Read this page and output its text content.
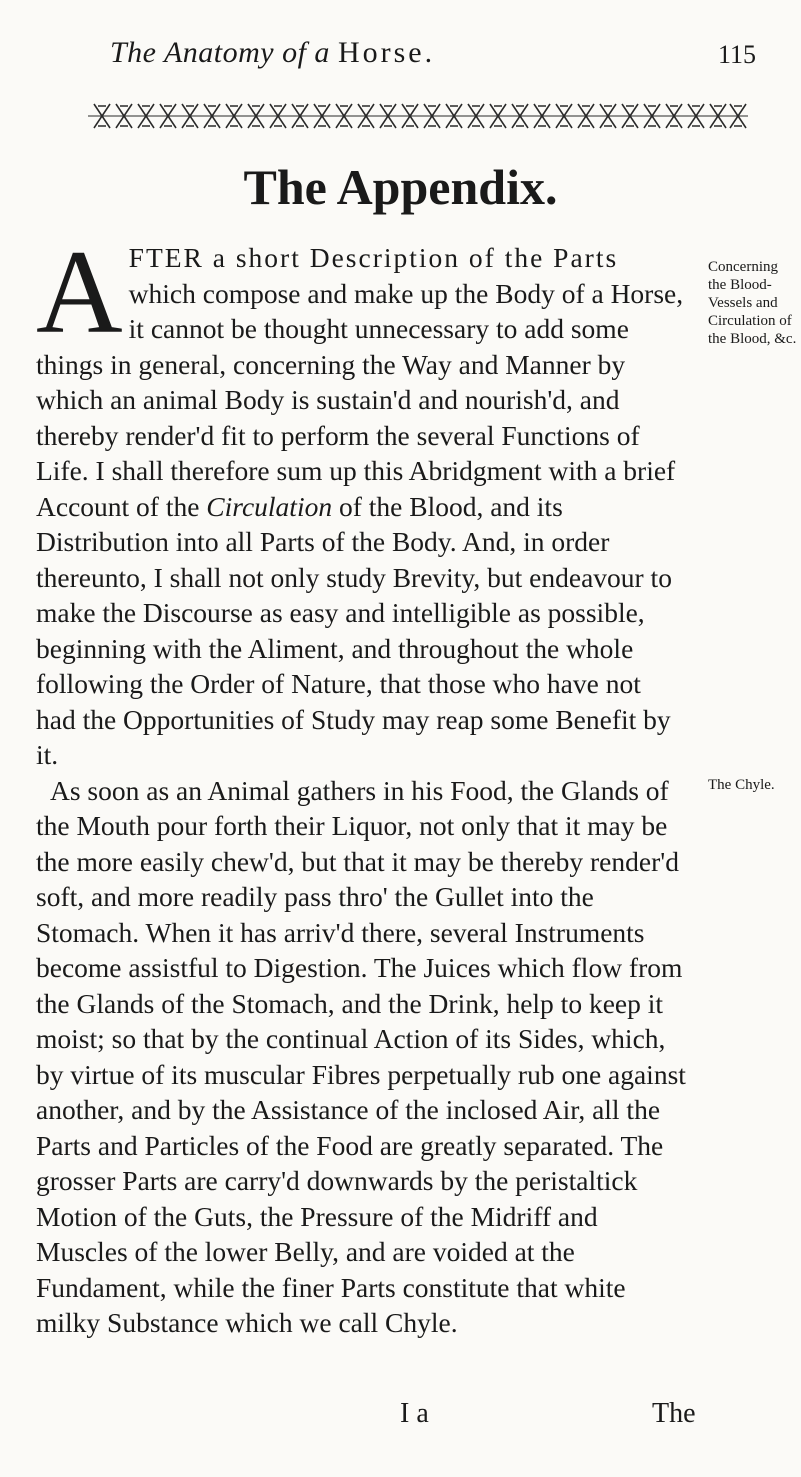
The Anatomy of a Horse.	115
The Appendix.
Concerning the Blood-Vessels and Circulation of the Blood, &c.
The Chyle.

A FTER a short Description of the Parts which compose and make up the Body of a Horse, it cannot be thought unnecessary to add some things in general, concerning the Way and Manner by which an animal Body is sustain'd and nourish'd, and thereby render'd fit to perform the several Functions of Life. I shall therefore sum up this Abridgment with a brief Account of the Circulation of the Blood, and its Distribution into all Parts of the Body. And, in order thereunto, I shall not only study Brevity, but endeavour to make the Discourse as easy and intelligible as possible, beginning with the Aliment, and throughout the whole following the Order of Nature, that those who have not had the Opportunities of Study may reap some Benefit by it.

As soon as an Animal gathers in his Food, the Glands of the Mouth pour forth their Liquor, not only that it may be the more easily chew'd, but that it may be thereby render'd soft, and more readily pass thro' the Gullet into the Stomach. When it has arriv'd there, several Instruments become assistful to Digestion. The Juices which flow from the Glands of the Stomach, and the Drink, help to keep it moist; so that by the continual Action of its Sides, which, by virtue of its muscular Fibres perpetually rub one against another, and by the Assistance of the inclosed Air, all the Parts and Particles of the Food are greatly separated. The grosser Parts are carry'd downwards by the peristaltick Motion of the Guts, the Pressure of the Midriff and Muscles of the lower Belly, and are voided at the Fundament, while the finer Parts constitute that white milky Substance which we call Chyle.

I a	The
